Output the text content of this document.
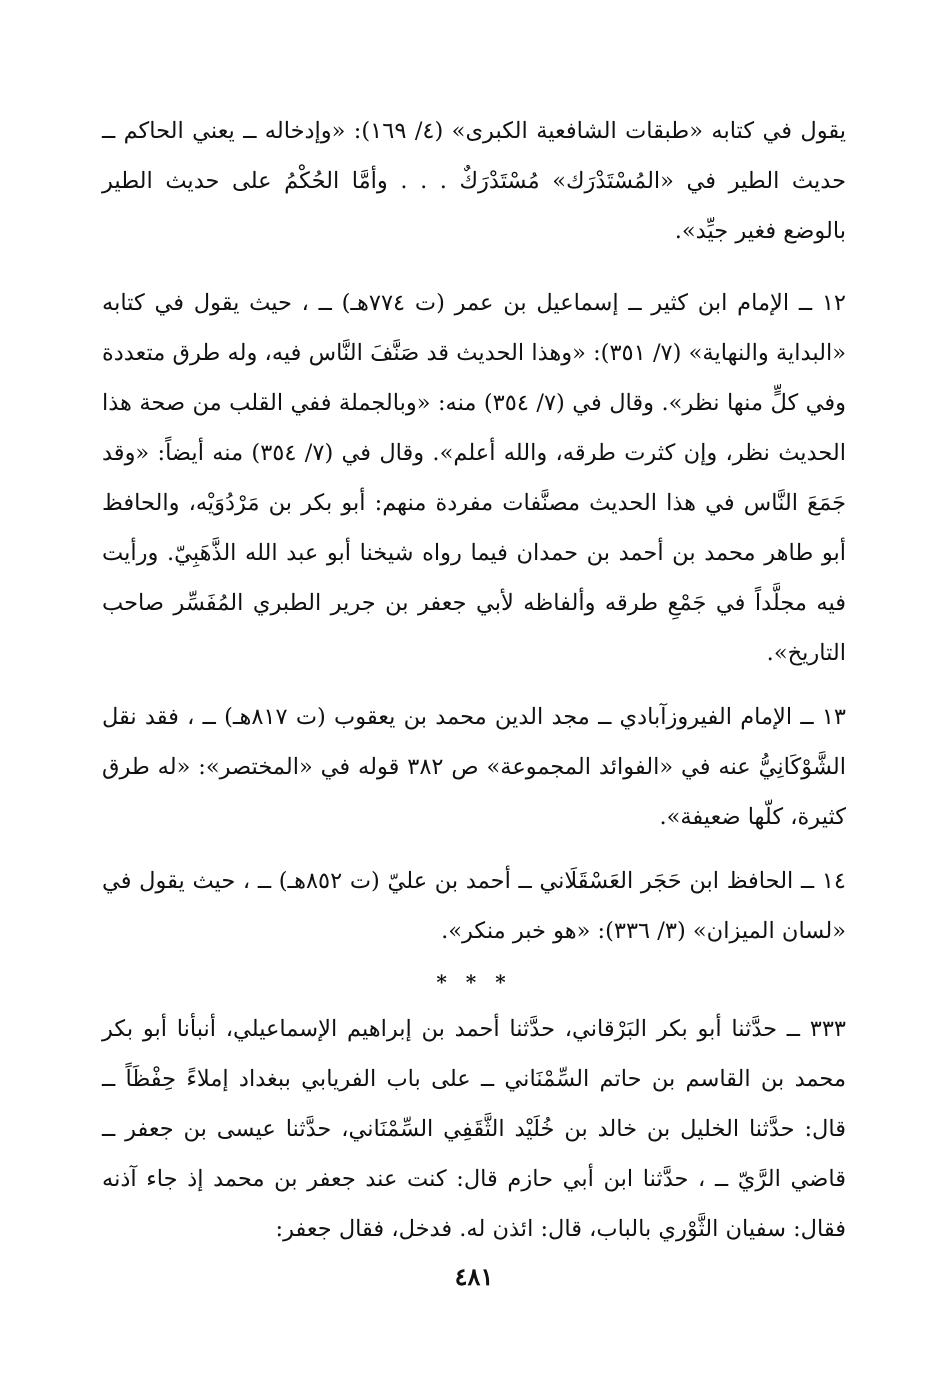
يقول في كتابه «طبقات الشافعية الكبرى» (٤/ ١٦٩): «وإدخاله ــ يعني الحاكم ــ حديث الطير في «المُسْتَدْرَك» مُسْتَدْرَكٌ . . . وأمَّا الحُكْمُ على حديث الطير بالوضع فغير جيِّد».

١٢ ــ الإمام ابن كثير ــ إسماعيل بن عمر (ت ٧٧٤هـ) ــ ، حيث يقول في كتابه «البداية والنهاية» (٧/ ٣٥١): «وهذا الحديث قد صَنَّفَ النَّاس فيه، وله طرق متعددة وفي كلٍّ منها نظر». وقال في (٧/ ٣٥٤) منه: «وبالجملة ففي القلب من صحة هذا الحديث نظر، وإن كثرت طرقه، والله أعلم». وقال في (٧/ ٣٥٤) منه أيضاً: «وقد جَمَعَ النَّاس في هذا الحديث مصنَّفات مفردة منهم: أبو بكر بن مَرْدُوَيْه، والحافظ أبو طاهر محمد بن أحمد بن حمدان فيما رواه شيخنا أبو عبد الله الذَّهَبِيّ. ورأيت فيه مجلَّداً في جَمْعِ طرقه وألفاظه لأبي جعفر بن جرير الطبري المُفَسِّر صاحب التاريخ».

١٣ ــ الإمام الفيروزآبادي ــ مجد الدين محمد بن يعقوب (ت ٨١٧هـ) ــ ، فقد نقل الشَّوْكَانِيُّ عنه في «الفوائد المجموعة» ص ٣٨٢ قوله في «المختصر»: «له طرق كثيرة، كلّها ضعيفة».

١٤ ــ الحافظ ابن حَجَر العَسْقَلَاني ــ أحمد بن عليّ (ت ٨٥٢هـ) ــ ، حيث يقول في «لسان الميزان» (٣/ ٣٣٦): «هو خبر منكر».

* * *

٣٣٣ ــ حدَّثنا أبو بكر البَرْقاني، حدَّثنا أحمد بن إبراهيم الإسماعيلي، أنبأنا أبو بكر محمد بن القاسم بن حاتم السِّمْنَاني ــ على باب الفريابي ببغداد إملاءً حِفْظَاً ــ قال: حدَّثنا الخليل بن خالد بن خُلَيْد الثَّقَفِي السِّمْنَاني، حدَّثنا عيسى بن جعفر ــ قاضي الرَّيّ ــ ، حدَّثنا ابن أبي حازم قال: كنت عند جعفر بن محمد إذ جاء آذنه فقال: سفيان الثَّوْري بالباب، قال: ائذن له. فدخل، فقال جعفر:

٤٨١
